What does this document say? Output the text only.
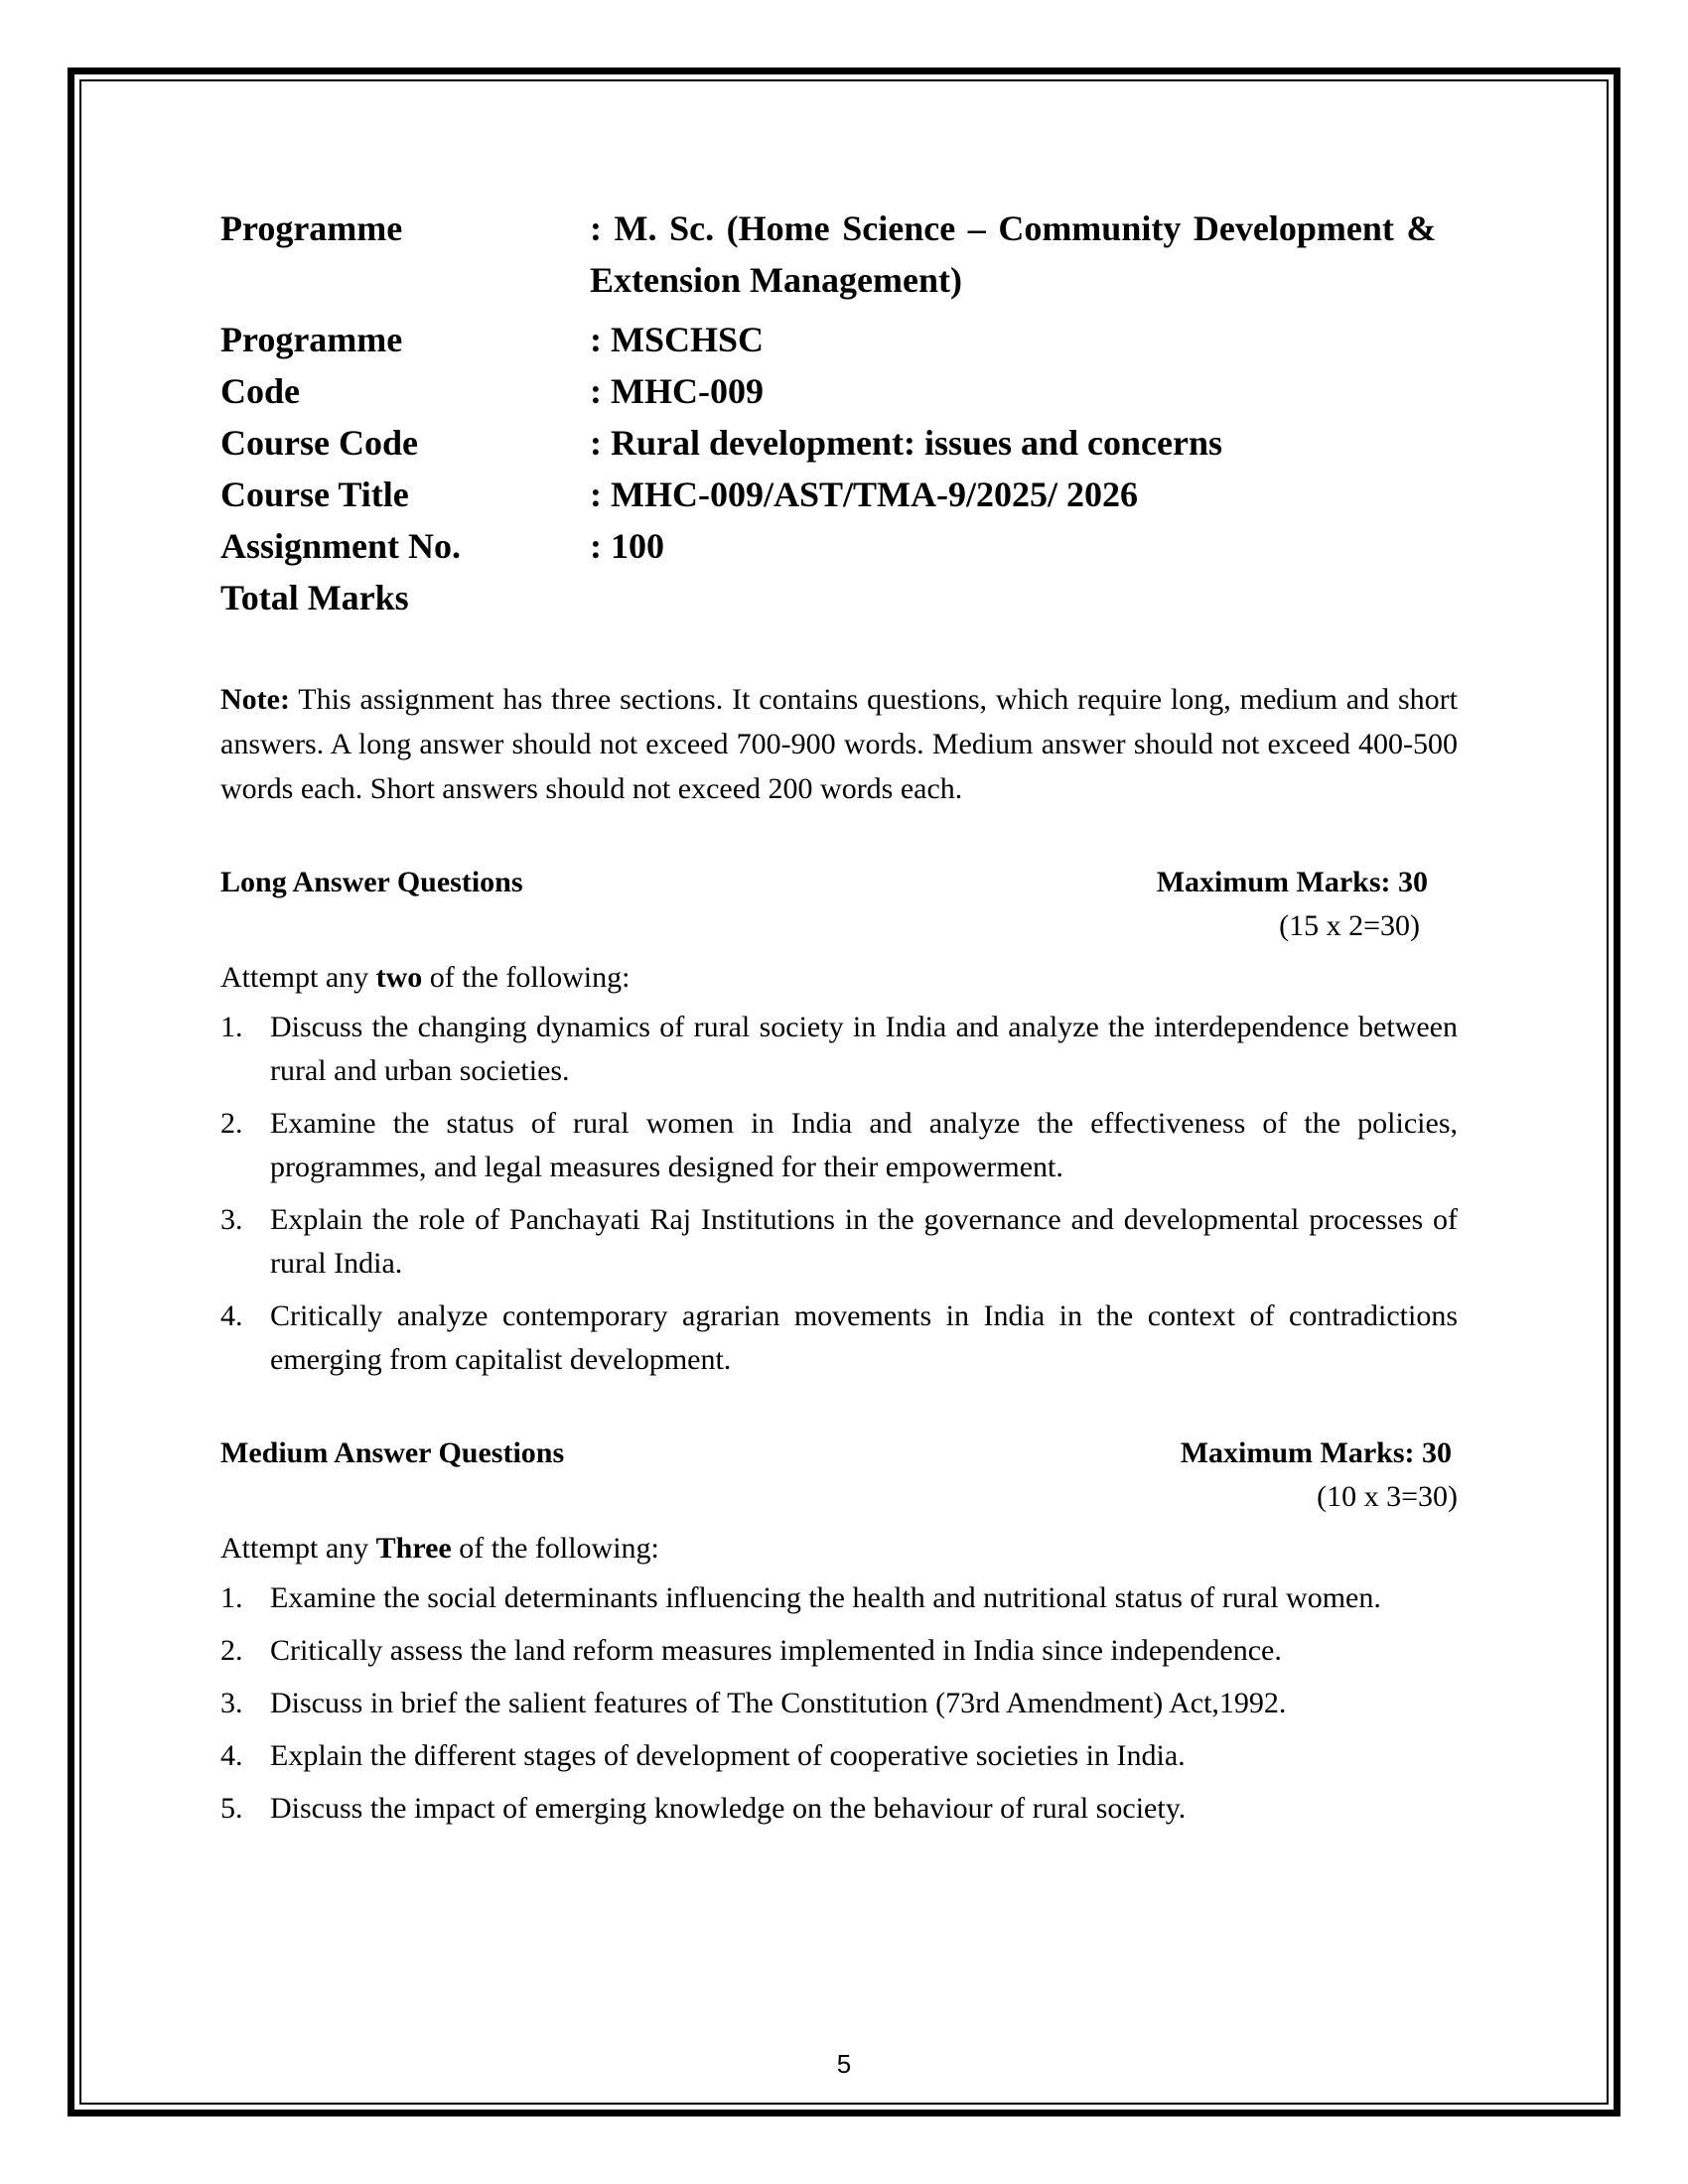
Programme	: M. Sc. (Home Science – Community Development &   Extension Management)
Programme	: MSCHSC
Code	: MHC-009
Course Code	: Rural development: issues and concerns
Course Title	: MHC-009/AST/TMA-9/2025/ 2026
Assignment No.	: 100
Total Marks
Note: This assignment has three sections. It contains questions, which require long, medium and short answers. A long answer should not exceed 700-900 words. Medium answer should not exceed 400-500 words each. Short answers should not exceed 200 words each.
Long Answer Questions	Maximum Marks: 30
(15 x 2=30)
Attempt any two of the following:
1. Discuss the changing dynamics of rural society in India and analyze the interdependence between rural and urban societies.
2. Examine the status of rural women in India and analyze the effectiveness of the policies, programmes, and legal measures designed for their empowerment.
3. Explain the role of Panchayati Raj Institutions in the governance and developmental processes of rural India.
4. Critically analyze contemporary agrarian movements in India in the context of contradictions emerging from capitalist development.
Medium Answer Questions	Maximum Marks: 30
(10 x 3=30)
Attempt any Three of the following:
1. Examine the social determinants influencing the health and nutritional status of rural women.
2. Critically assess the land reform measures implemented in India since independence.
3. Discuss in brief the salient features of The Constitution (73rd Amendment) Act,1992.
4. Explain the different stages of development of cooperative societies in India.
5. Discuss the impact of emerging knowledge on the behaviour of rural society.
5
